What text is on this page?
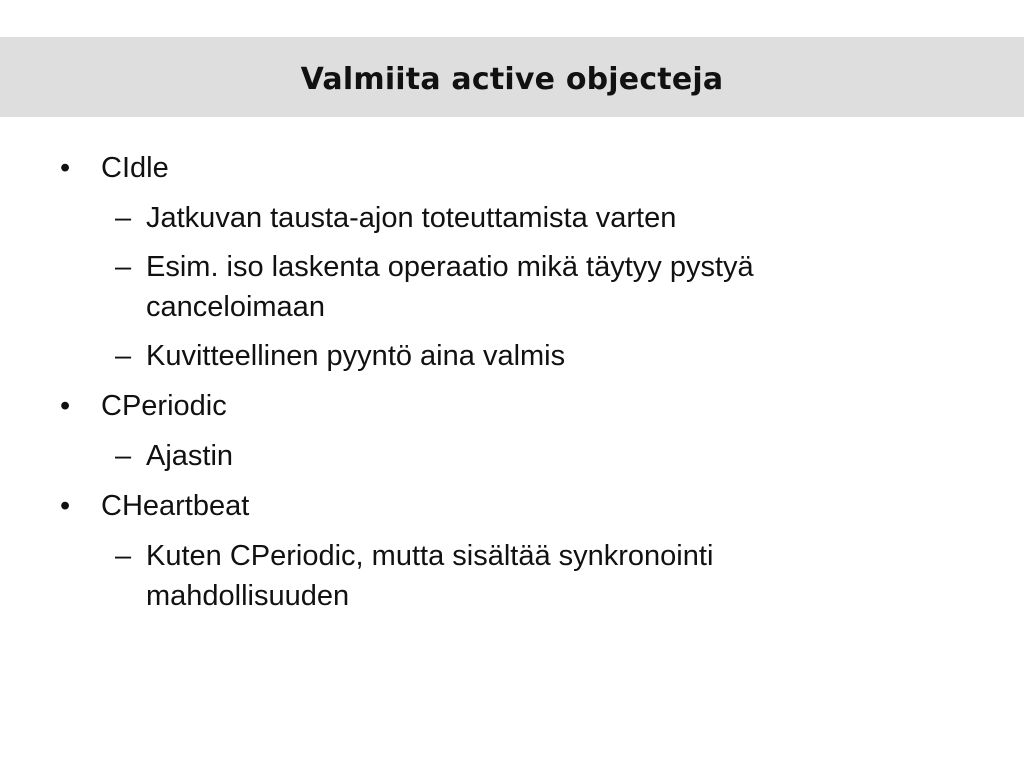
Valmiita active objecteja
• CIdle
– Jatkuvan tausta-ajon toteuttamista varten
– Esim. iso laskenta operaatio mikä täytyy pystyä canceloimaan
– Kuvitteellinen pyyntö aina valmis
• CPeriodic
– Ajastin
• CHeartbeat
– Kuten CPeriodic, mutta sisältää synkronointi mahdollisuuden
